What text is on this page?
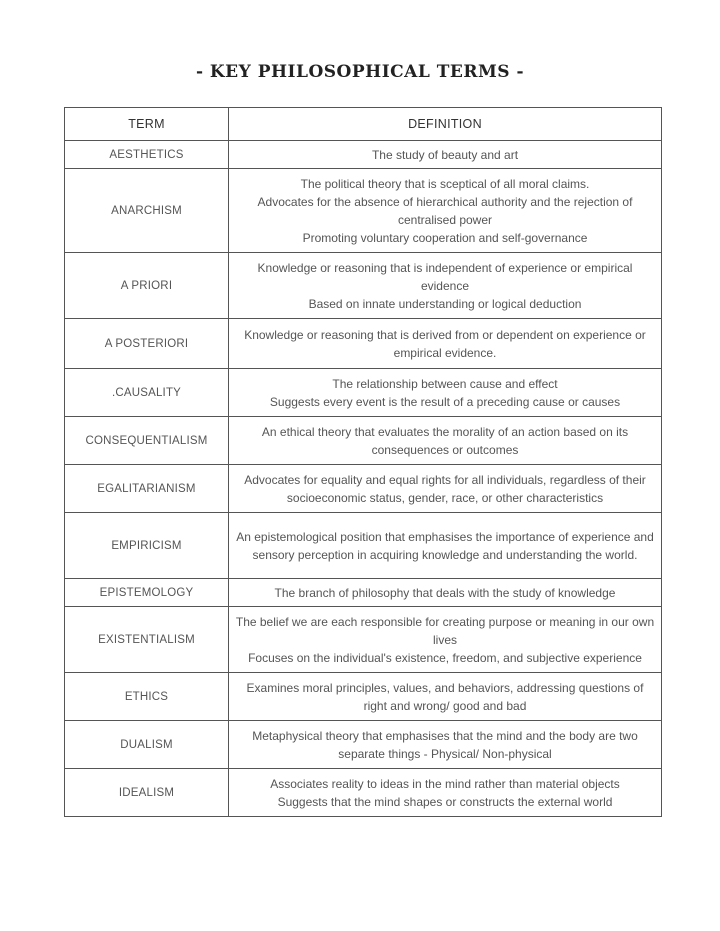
- KEY PHILOSOPHICAL TERMS -
TERM	DEFINITION
AESTHETICS	The study of beauty and art

ANARCHISM	The political theory that is sceptical of all moral claims.
Advocates for the absence of hierarchical authority and the rejection of centralised power
Promoting voluntary cooperation and self-governance

A PRIORI	Knowledge or reasoning that is independent of experience or empirical evidence
Based on innate understanding or logical deduction

A POSTERIORI	Knowledge or reasoning that is derived from or dependent on experience or empirical evidence.

.CAUSALITY	The relationship between cause and effect
Suggests every event is the result of a preceding cause or causes

CONSEQUENTIALISM	An ethical theory that evaluates the morality of an action based on its consequences or outcomes

EGALITARIANISM	Advocates for equality and equal rights for all individuals, regardless of their socioeconomic status, gender, race, or other characteristics

EMPIRICISM	An epistemological position that emphasises the importance of experience and sensory perception in acquiring knowledge and understanding the world.

EPISTEMOLOGY	The branch of philosophy that deals with the study of knowledge

EXISTENTIALISM	The belief we are each responsible for creating purpose or meaning in our own lives
Focuses on the individual's existence, freedom, and subjective experience

ETHICS	Examines moral principles, values, and behaviors, addressing questions of right and wrong/ good and bad

DUALISM	Metaphysical theory that emphasises that the mind and the body are two separate things - Physical/ Non-physical

IDEALISM	Associates reality to ideas in the mind rather than material objects
Suggests that the mind shapes or constructs the external world
